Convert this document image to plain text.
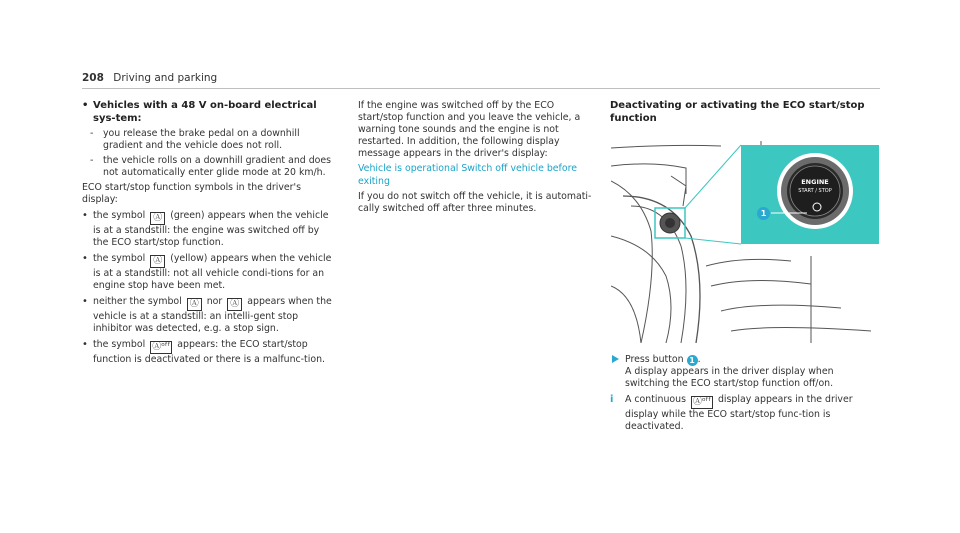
208 Driving and parking
• Vehicles with a 48 V on-board electrical sys-tem:
- you release the brake pedal on a downhill gradient and the vehicle does not roll.
- the vehicle rolls on a downhill gradient and does not automatically enter glide mode at 20 km/h.

ECO start/stop function symbols in the driver's display:

• the symbol Ⓐ (green) appears when the vehicle is at a standstill: the engine was switched off by the ECO start/stop function.
• the symbol Ⓐ (yellow) appears when the vehicle is at a standstill: not all vehicle condi-tions for an engine stop have been met.
• neither the symbol Ⓐ nor Ⓐ appears when the vehicle is at a standstill: an intelli-gent stop inhibitor was detected, e.g. a stop sign.
• the symbol Ⓐᵒᶠᶠ appears: the ECO start/stop function is deactivated or there is a malfunc-tion.

If the engine was switched off by the ECO start/stop function and you leave the vehicle, a warning tone sounds and the engine is not restarted. In addition, the following display message appears in the driver's display:

Vehicle is operational Switch off vehicle before exiting

If you do not switch off the vehicle, it is automati-cally switched off after three minutes.

Deactivating or activating the ECO start/stop function

ENGINE
START / STOP
1
Press button 1 .
A display appears in the driver display when switching the ECO start/stop function off/on.
i A continuous Ⓐᵒᶠᶠ display appears in the driver display while the ECO start/stop func-tion is deactivated.
